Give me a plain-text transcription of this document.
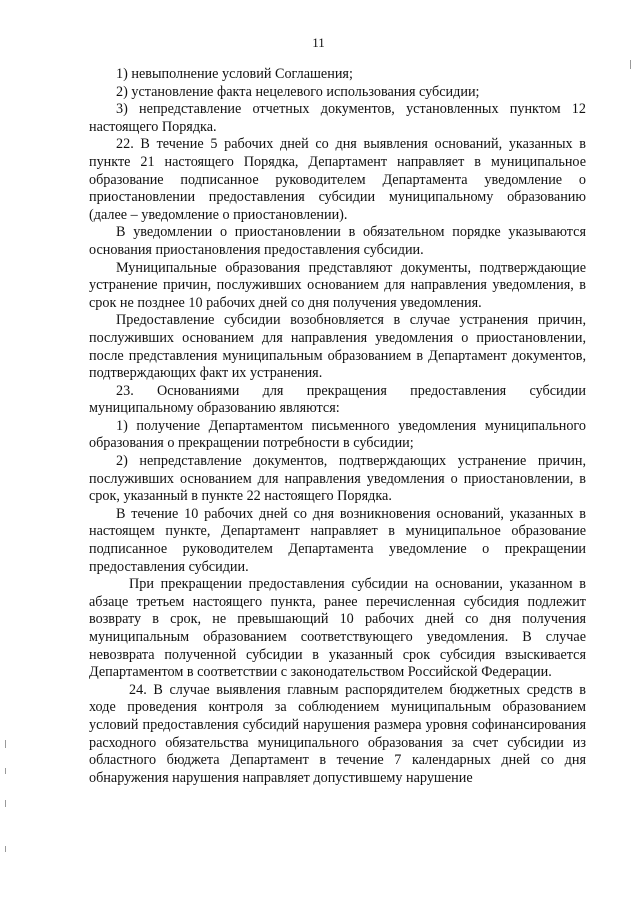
11

1) невыполнение условий Соглашения;

2) установление факта нецелевого использования субсидии;

3) непредставление отчетных документов, установленных пунктом 12 настоящего Порядка.

22. В течение 5 рабочих дней со дня выявления оснований, указанных в пункте 21 настоящего Порядка, Департамент направляет в муниципальное образование подписанное руководителем Департамента уведомление о приостановлении предоставления субсидии муниципальному образованию (далее – уведомление о приостановлении).

В уведомлении о приостановлении в обязательном порядке указываются основания приостановления предоставления субсидии.

Муниципальные образования представляют документы, подтверждающие устранение причин, послуживших основанием для направления уведомления, в срок не позднее 10 рабочих дней со дня получения уведомления.

Предоставление субсидии возобновляется в случае устранения причин, послуживших основанием для направления уведомления о приостановлении, после представления муниципальным образованием в Департамент документов, подтверждающих факт их устранения.

23. Основаниями для прекращения предоставления субсидии муниципальному образованию являются:

1) получение Департаментом письменного уведомления муниципального образования о прекращении потребности в субсидии;

2) непредставление документов, подтверждающих устранение причин, послуживших основанием для направления уведомления о приостановлении, в срок, указанный в пункте 22 настоящего Порядка.

В течение 10 рабочих дней со дня возникновения оснований, указанных в настоящем пункте, Департамент направляет в муниципальное образование подписанное руководителем Департамента уведомление о прекращении предоставления субсидии.

При прекращении предоставления субсидии на основании, указанном в абзаце третьем настоящего пункта, ранее перечисленная субсидия подлежит возврату в срок, не превышающий 10 рабочих дней со дня получения муниципальным образованием соответствующего уведомления. В случае невозврата полученной субсидии в указанный срок субсидия взыскивается Департаментом в соответствии с законодательством Российской Федерации.

24. В случае выявления главным распорядителем бюджетных средств в ходе проведения контроля за соблюдением муниципальным образованием условий предоставления субсидий нарушения размера уровня софинансирования расходного обязательства муниципального образования за счет субсидии из областного бюджета Департамент в течение 7 календарных дней со дня обнаружения нарушения направляет допустившему нарушение
